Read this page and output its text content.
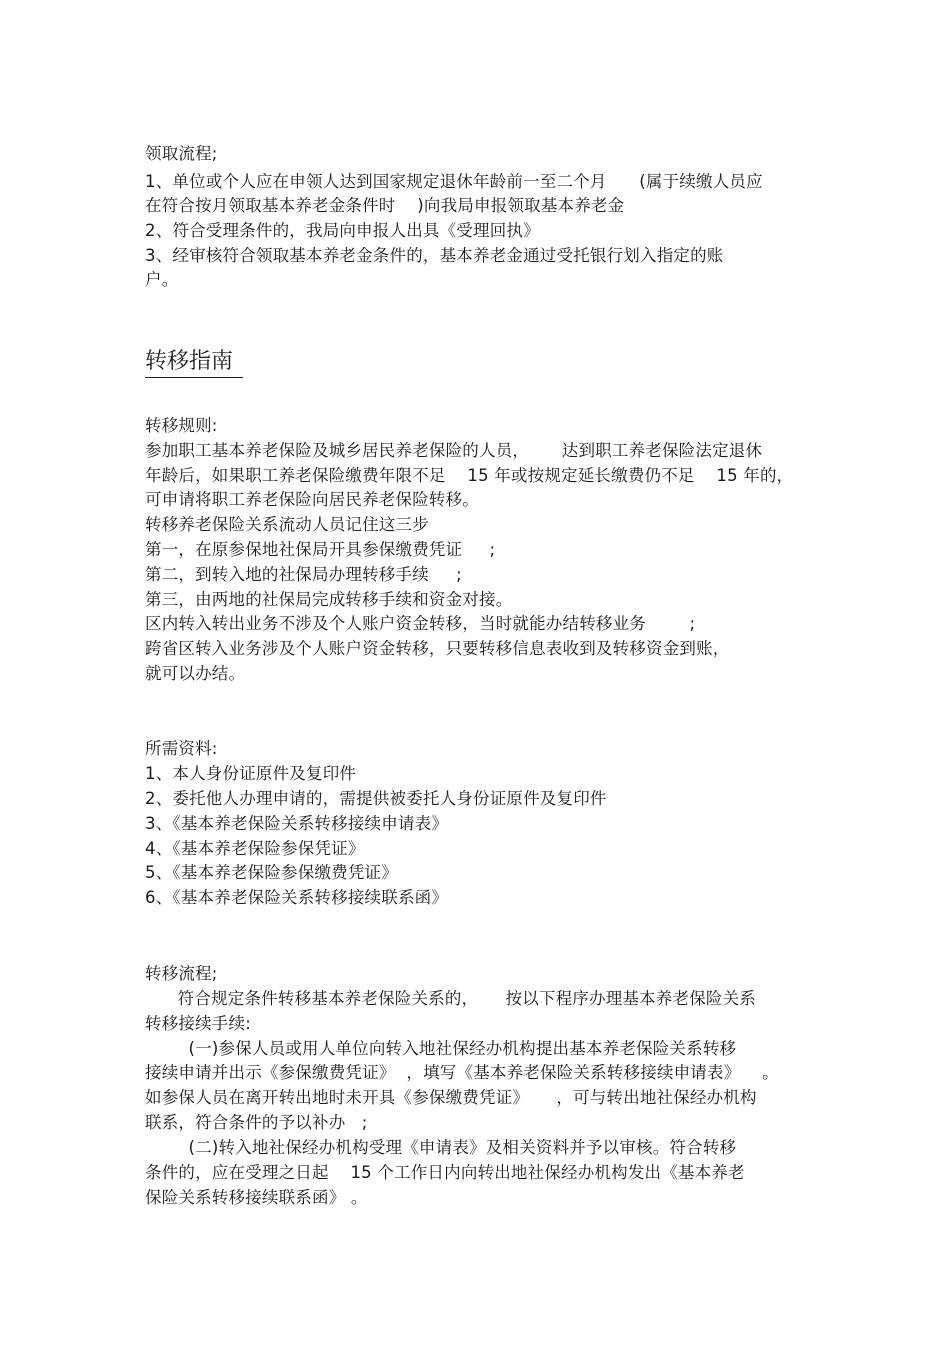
领取流程;
1、单位或个人应在申领人达到国家规定退休年龄前一至二个月      (属于续缴人员应
在符合按月领取基本养老金条件时    )向我局申报领取基本养老金
2、符合受理条件的，我局向申报人出具《受理回执》
3、经审核符合领取基本养老金条件的，基本养老金通过受托银行划入指定的账
户。
转移指南
转移规则:
参加职工基本养老保险及城乡居民养老保险的人员，      达到职工养老保险法定退休
年龄后，如果职工养老保险缴费年限不足    15 年或按规定延长缴费仍不足    15 年的，
可申请将职工养老保险向居民养老保险转移。
转移养老保险关系流动人员记住这三步
第一，在原参保地社保局开具参保缴费凭证     ;
第二，到转入地的社保局办理转移手续     ;
第三，由两地的社保局完成转移手续和资金对接。
区内转入转出业务不涉及个人账户资金转移，当时就能办结转移业务        ;
跨省区转入业务涉及个人账户资金转移，只要转移信息表收到及转移资金到账，
就可以办结。
所需资料:
1、本人身份证原件及复印件
2、委托他人办理申请的，需提供被委托人身份证原件及复印件
3、《基本养老保险关系转移接续申请表》
4、《基本养老保险参保凭证》
5、《基本养老保险参保缴费凭证》
6、《基本养老保险关系转移接续联系函》
转移流程;
符合规定条件转移基本养老保险关系的，     按以下程序办理基本养老保险关系
转移接续手续:
(一)参保人员或用人单位向转入地社保经办机构提出基本养老保险关系转移
接续申请并出示《参保缴费凭证》  ，填写《基本养老保险关系转移接续申请表》    。
如参保人员在离开转出地时未开具《参保缴费凭证》     ，可与转出地社保经办机构
联系，符合条件的予以补办   ;
(二)转入地社保经办机构受理《申请表》及相关资料并予以审核。符合转移
条件的，应在受理之日起    15 个工作日内向转出地社保经办机构发出《基本养老
保险关系转移接续联系函》 。
